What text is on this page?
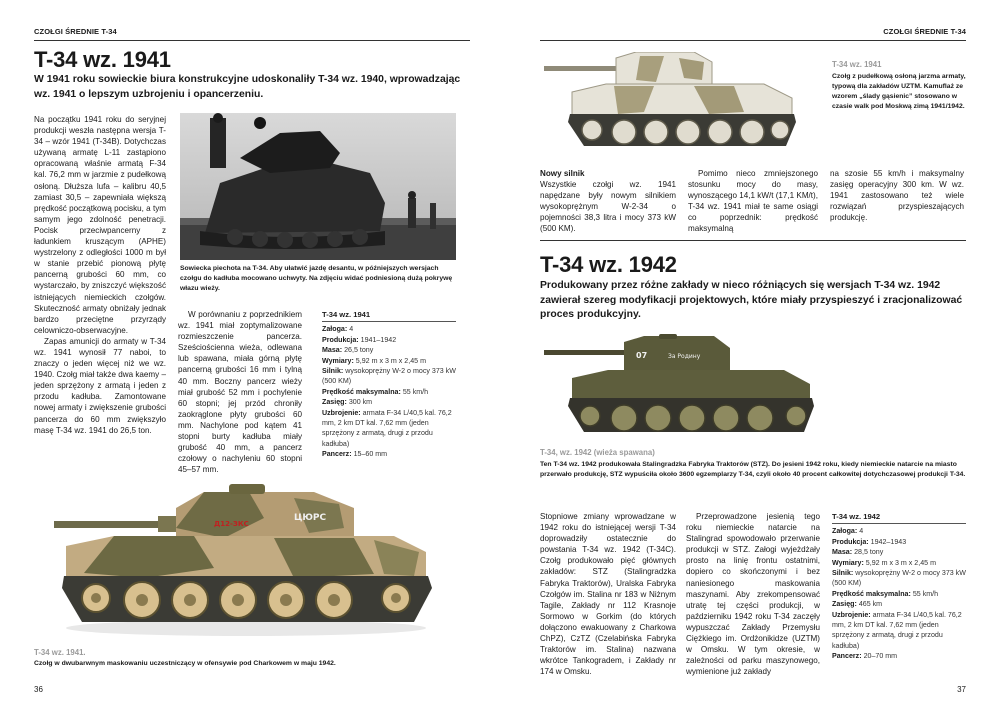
CZOŁGI ŚREDNIE T-34
T-34 wz. 1941
W 1941 roku sowieckie biura konstrukcyjne udoskonaliły T-34 wz. 1940, wprowadzając wz. 1941 o lepszym uzbrojeniu i opancerzeniu.

Na początku 1941 roku do seryjnej produkcji weszła następna wersja T-34 – wzór 1941 (T-34B). Dotychczas używaną armatę L-11 zastąpiono opracowaną właśnie armatą F-34 kal. 76,2 mm w jarzmie z pudełkową osłoną. Dłuższa lufa – kalibru 40,5 zamiast 30,5 – zapewniała większą prędkość początkową pocisku, a tym samym jego zdolność penetracji. Pocisk przeciwpancerny z ładunkiem kruszącym (APHE) wystrzelony z odległości 1000 m był w stanie przebić pionową płytę pancerną grubości 60 mm, co wystarczało, by zniszczyć większość istniejących niemieckich czołgów. Skuteczność armaty obniżały jednak bardzo przeciętne przyrządy celowniczo-obserwacyjne.

Zapas amunicji do armaty w T-34 wz. 1941 wynosił 77 naboi, to znaczy o jeden więcej niż we wz. 1940. Czołg miał także dwa kaemy – jeden sprzężony z armatą i jeden z przodu kadłuba. Zamontowane nowej armaty i zwiększenie grubości pancerza do 60 mm zwiększyło masę T-34 wz. 1941 do 26,5 ton.

Sowiecka piechota na T-34. Aby ułatwić jazdę desantu, w późniejszych wersjach czołgu do kadłuba mocowano uchwyty. Na zdjęciu widać podniesioną dużą pokrywę włazu wieży.

W porównaniu z poprzednikiem wz. 1941 miał zoptymalizowane rozmieszczenie pancerza. Sześciościenna wieża, odlewana lub spawana, miała górną płytę pancerną grubości 16 mm i tylną 40 mm. Boczny pancerz wieży miał grubość 52 mm i pochylenie 60 stopni; jej przód chroniły zaokrąglone płyty grubości 60 mm. Nachylone pod kątem 41 stopni burty kadłuba miały grubość 40 mm, a pancerz czołowy o nachyleniu 60 stopni 45–57 mm.

T-34 wz. 1941
Załoga: 4
Produkcja: 1941–1942
Masa: 26,5 tony
Wymiary: 5,92 m x 3 m x 2,45 m
Silnik: wysokoprężny W-2 o mocy 373 kW (500 KM)
Prędkość maksymalna: 55 km/h
Zasięg: 300 km
Uzbrojenie: armata F-34 L/40,5 kal. 76,2 mm, 2 km DT kal. 7,62 mm (jeden sprzężony z armatą, drugi z przodu kadłuba)
Pancerz: 15–60 mm
ЦЮРС
Д12-ЗКС
T-34 wz. 1941.
Czołg w dwubarwnym maskowaniu uczestniczący w ofensywie pod Charkowem w maju 1942.
36
CZOŁGI ŚREDNIE T-34
T-34 wz. 1941
Czołg z pudełkową osłoną jarzma armaty, typową dla zakładów UZTM. Kamuflaż ze wzorem „ślady gąsienic” stosowano w czasie walk pod Moskwą zimą 1941/1942.
Nowy silnik

Wszystkie czołgi wz. 1941 napędzane były nowym silnikiem wysokoprężnym W-2-34 o pojemności 38,3 litra i mocy 373 kW (500 KM).

Pomimo nieco zmniejszonego stosunku mocy do masy, wynoszącego 14,1 kW/t (17,1 KM/t), T-34 wz. 1941 miał te same osiągi co poprzednik: prędkość maksymalną

na szosie 55 km/h i maksymalny zasięg operacyjny 300 km. W wz. 1941 zastosowano też wiele rozwiązań przyspieszających produkcję.

T-34 wz. 1942
Produkowany przez różne zakłady w nieco różniących się wersjach T-34 wz. 1942 zawierał szereg modyfikacji projektowych, które miały przyspieszyć i zracjonalizować proces produkcyjny.
07	За Родину
T-34, wz. 1942 (wieża spawana)
Ten T-34 wz. 1942 produkowała Stalingradzka Fabryka Traktorów (STZ). Do jesieni 1942 roku, kiedy niemieckie natarcie na miasto przerwało produkcję, STZ wypuściła około 3600 egzemplarzy T-34, czyli około 40 procent całkowitej dotychczasowej produkcji T-34.

Stopniowe zmiany wprowadzane w 1942 roku do istniejącej wersji T-34 doprowadziły ostatecznie do powstania T-34 wz. 1942 (T-34C). Czołg produkowało pięć głównych zakładów: STZ (Stalingradzka Fabryka Traktorów), Uralska Fabryka Czołgów im. Stalina nr 183 w Niżnym Tagile, Zakłady nr 112 Krasnoje Sormowo w Gorkim (do których dołączono ewakuowany z Charkowa ChPZ), CzTZ (Czelabińska Fabryka Traktorów im. Stalina) nazwana wkrótce Tankogradem, i Zakłady nr 174 w Omsku.

Przeprowadzone jesienią tego roku niemieckie natarcie na Stalingrad spowodowało przerwanie produkcji w STZ. Załogi wyjeżdżały prosto na linię frontu ostatnimi, dopiero co skończonymi i bez naniesionego maskowania maszynami. Aby zrekompensować utratę tej części produkcji, w październiku 1942 roku T-34 zaczęły wypuszczać Zakłady Przemysłu Ciężkiego im. Ordżonikidze (UZTM) w Omsku. W tym okresie, w zależności od parku maszynowego, wymienione już zakłady

T-34 wz. 1942
Załoga: 4
Produkcja: 1942–1943
Masa: 28,5 tony
Wymiary: 5,92 m x 3 m x 2,45 m
Silnik: wysokoprężny W-2 o mocy 373 kW (500 KM)
Prędkość maksymalna: 55 km/h
Zasięg: 465 km
Uzbrojenie: armata F-34 L/40,5 kal. 76,2 mm, 2 km DT kal. 7,62 mm (jeden sprzężony z armatą, drugi z przodu kadłuba)
Pancerz: 20–70 mm
37
